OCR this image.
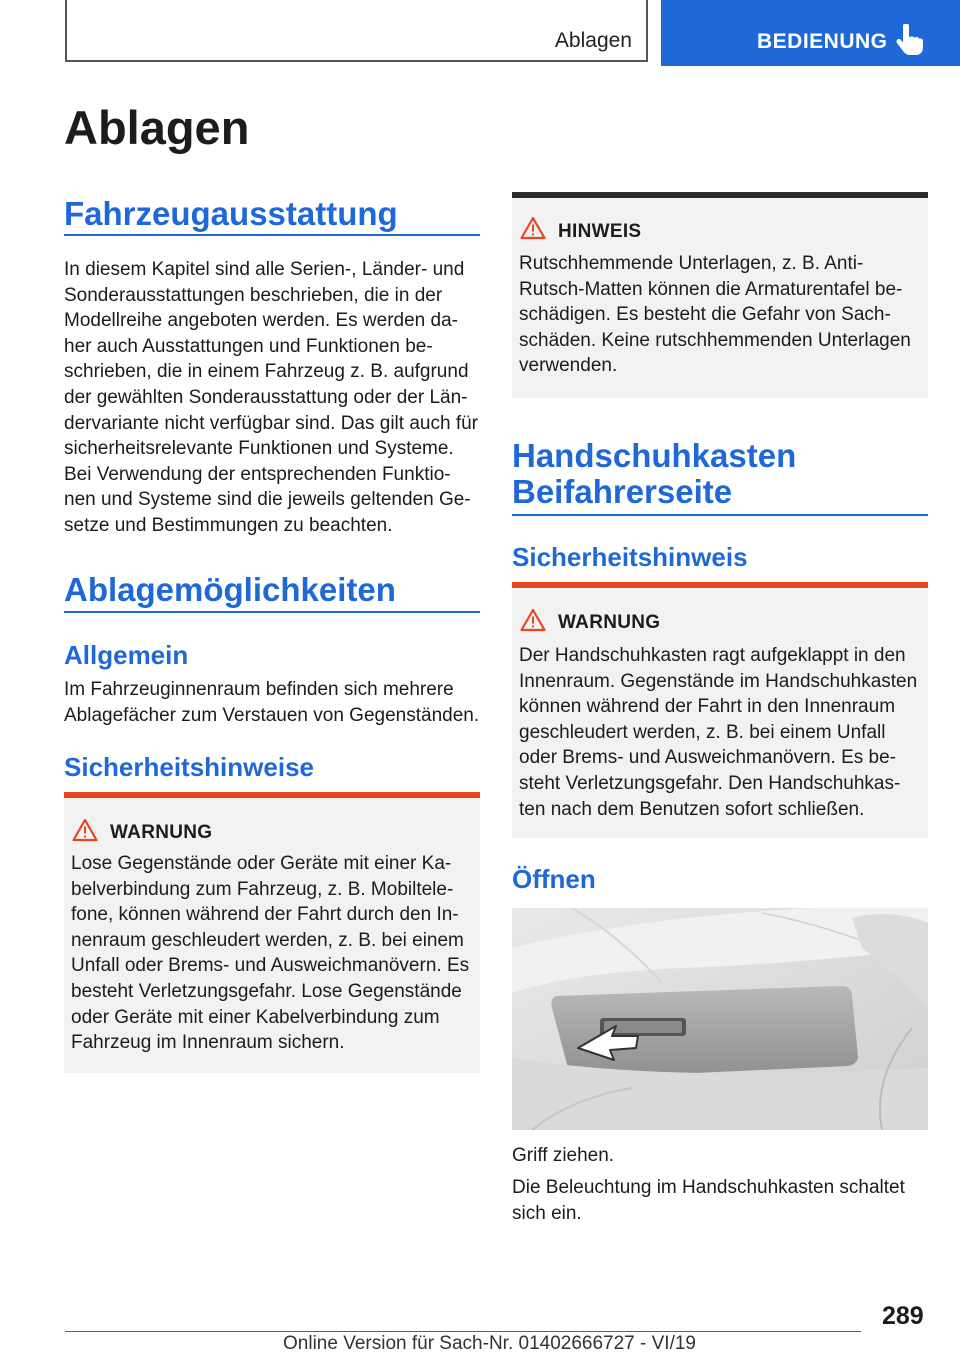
Ablagen	BEDIENUNG
Ablagen
Fahrzeugausstattung
In diesem Kapitel sind alle Serien-, Länder- und
Sonderausstattungen beschrieben, die in der
Modellreihe angeboten werden. Es werden da-
her auch Ausstattungen und Funktionen be-
schrieben, die in einem Fahrzeug z. B. aufgrund
der gewählten Sonderausstattung oder der Län-
dervariante nicht verfügbar sind. Das gilt auch für
sicherheitsrelevante Funktionen und Systeme.
Bei Verwendung der entsprechenden Funktio-
nen und Systeme sind die jeweils geltenden Ge-
setze und Bestimmungen zu beachten.
Ablagemöglichkeiten
Allgemein
Im Fahrzeuginnenraum befinden sich mehrere
Ablagefächer zum Verstauen von Gegenständen.
Sicherheitshinweise
WARNUNG
Lose Gegenstände oder Geräte mit einer Ka-
belverbindung zum Fahrzeug, z. B. Mobiltele-
fone, können während der Fahrt durch den In-
nenraum geschleudert werden, z. B. bei einem
Unfall oder Brems- und Ausweichmanövern. Es
besteht Verletzungsgefahr. Lose Gegenstände
oder Geräte mit einer Kabelverbindung zum
Fahrzeug im Innenraum sichern.
HINWEIS
Rutschhemmende Unterlagen, z. B. Anti-
Rutsch-Matten können die Armaturentafel be-
schädigen. Es besteht die Gefahr von Sach-
schäden. Keine rutschhemmenden Unterlagen
verwenden.
Handschuhkasten
Beifahrerseite
Sicherheitshinweis
WARNUNG
Der Handschuhkasten ragt aufgeklappt in den
Innenraum. Gegenstände im Handschuhkasten
können während der Fahrt in den Innenraum
geschleudert werden, z. B. bei einem Unfall
oder Brems- und Ausweichmanövern. Es be-
steht Verletzungsgefahr. Den Handschuhkas-
ten nach dem Benutzen sofort schließen.
Öffnen
Griff ziehen.
Die Beleuchtung im Handschuhkasten schaltet
sich ein.
289
Online Version für Sach-Nr. 01402666727 - VI/19
